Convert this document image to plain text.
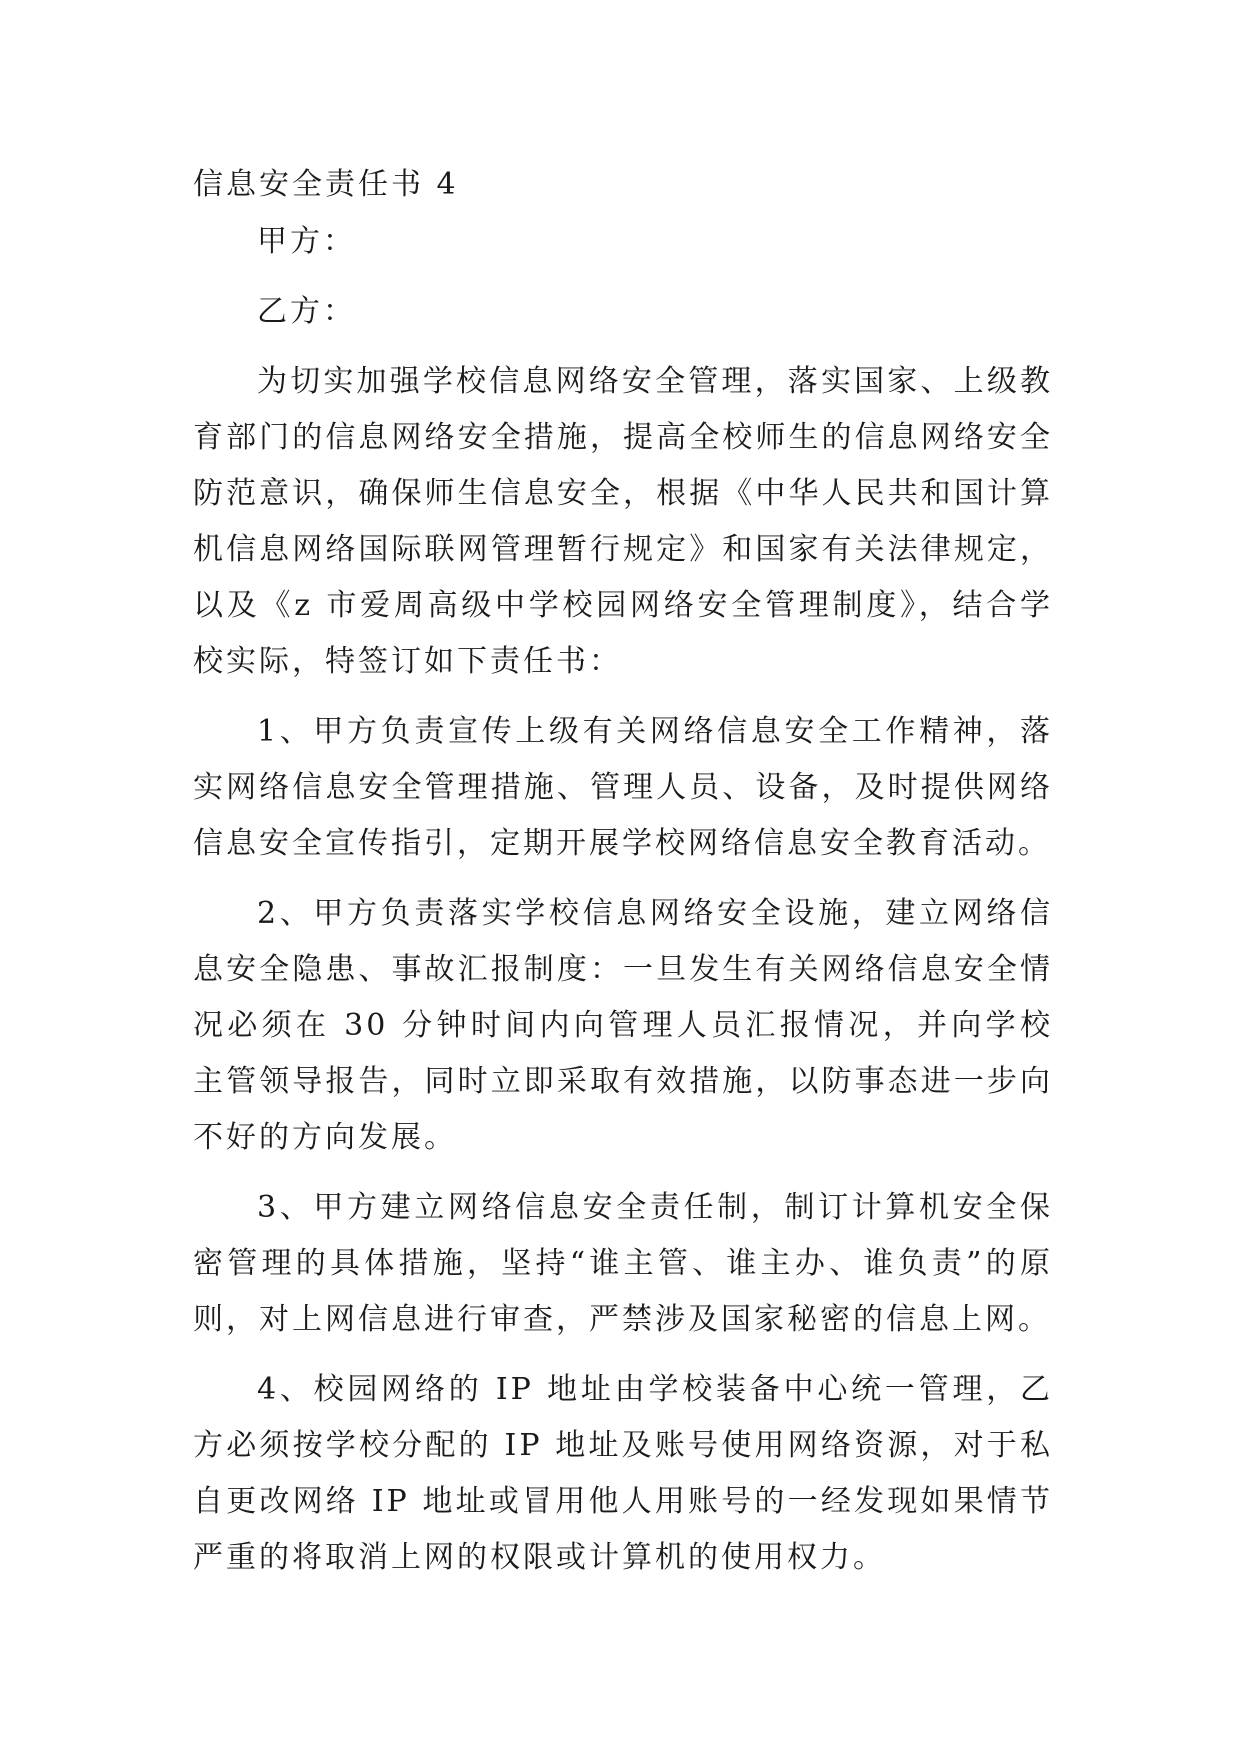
信息安全责任书 4

甲方：

乙方：

为切实加强学校信息网络安全管理，落实国家、上级教育部门的信息网络安全措施，提高全校师生的信息网络安全防范意识，确保师生信息安全，根据《中华人民共和国计算机信息网络国际联网管理暂行规定》和国家有关法律规定，以及《z 市爱周高级中学校园网络安全管理制度》，结合学校实际，特签订如下责任书：

1、甲方负责宣传上级有关网络信息安全工作精神，落实网络信息安全管理措施、管理人员、设备，及时提供网络信息安全宣传指引，定期开展学校网络信息安全教育活动。

2、甲方负责落实学校信息网络安全设施，建立网络信息安全隐患、事故汇报制度：一旦发生有关网络信息安全情况必须在 30 分钟时间内向管理人员汇报情况，并向学校主管领导报告，同时立即采取有效措施，以防事态进一步向不好的方向发展。

3、甲方建立网络信息安全责任制，制订计算机安全保密管理的具体措施，坚持“谁主管、谁主办、谁负责”的原则，对上网信息进行审查，严禁涉及国家秘密的信息上网。

4、校园网络的 IP 地址由学校装备中心统一管理，乙方必须按学校分配的 IP 地址及账号使用网络资源，对于私自更改网络 IP 地址或冒用他人用账号的一经发现如果情节严重的将取消上网的权限或计算机的使用权力。
